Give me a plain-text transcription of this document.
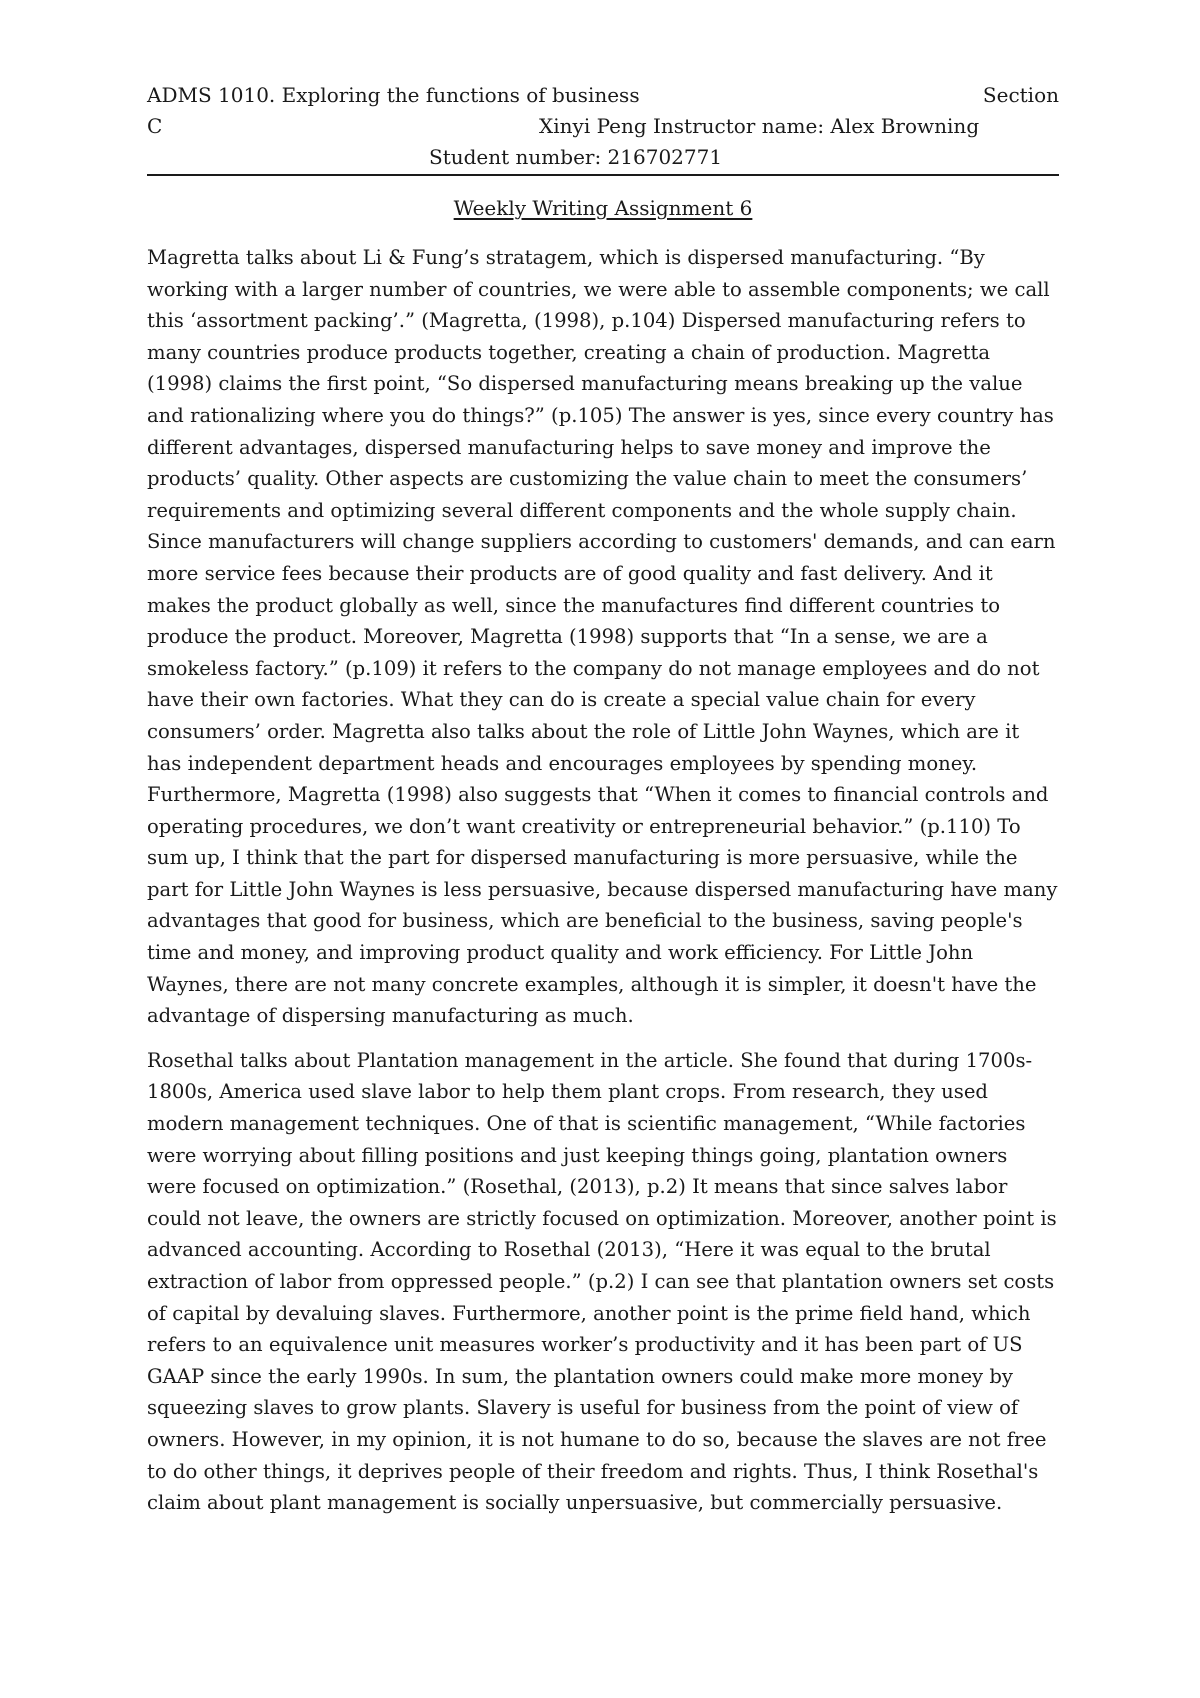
ADMS 1010. Exploring the functions of business	Section
C	Xinyi Peng Instructor name: Alex Browning
Student number: 216702771
Weekly Writing Assignment 6

Magretta talks about Li & Fung’s stratagem, which is dispersed manufacturing. “By working with a larger number of countries, we were able to assemble components; we call this ‘assortment packing’.” (Magretta, (1998), p.104) Dispersed manufacturing refers to many countries produce products together, creating a chain of production. Magretta (1998) claims the first point, “So dispersed manufacturing means breaking up the value and rationalizing where you do things?” (p.105) The answer is yes, since every country has different advantages, dispersed manufacturing helps to save money and improve the products’ quality. Other aspects are customizing the value chain to meet the consumers’ requirements and optimizing several different components and the whole supply chain. Since manufacturers will change suppliers according to customers' demands, and can earn more service fees because their products are of good quality and fast delivery. And it makes the product globally as well, since the manufactures find different countries to produce the product. Moreover, Magretta (1998) supports that “In a sense, we are a smokeless factory.” (p.109) it refers to the company do not manage employees and do not have their own factories. What they can do is create a special value chain for every consumers’ order. Magretta also talks about the role of Little John Waynes, which are it has independent department heads and encourages employees by spending money. Furthermore, Magretta (1998) also suggests that “When it comes to financial controls and operating procedures, we don’t want creativity or entrepreneurial behavior.” (p.110) To sum up, I think that the part for dispersed manufacturing is more persuasive, while the part for Little John Waynes is less persuasive, because dispersed manufacturing have many advantages that good for business, which are beneficial to the business, saving people's time and money, and improving product quality and work efficiency. For Little John Waynes, there are not many concrete examples, although it is simpler, it doesn't have the advantage of dispersing manufacturing as much.

Rosethal talks about Plantation management in the article. She found that during 1700s-1800s, America used slave labor to help them plant crops. From research, they used modern management techniques. One of that is scientific management, “While factories were worrying about filling positions and just keeping things going, plantation owners were focused on optimization.” (Rosethal, (2013), p.2) It means that since salves labor could not leave, the owners are strictly focused on optimization. Moreover, another point is advanced accounting. According to Rosethal (2013), “Here it was equal to the brutal extraction of labor from oppressed people.” (p.2) I can see that plantation owners set costs of capital by devaluing slaves. Furthermore, another point is the prime field hand, which refers to an equivalence unit measures worker’s productivity and it has been part of US GAAP since the early 1990s. In sum, the plantation owners could make more money by squeezing slaves to grow plants. Slavery is useful for business from the point of view of owners. However, in my opinion, it is not humane to do so, because the slaves are not free to do other things, it deprives people of their freedom and rights. Thus, I think Rosethal's claim about plant management is socially unpersuasive, but commercially persuasive.
